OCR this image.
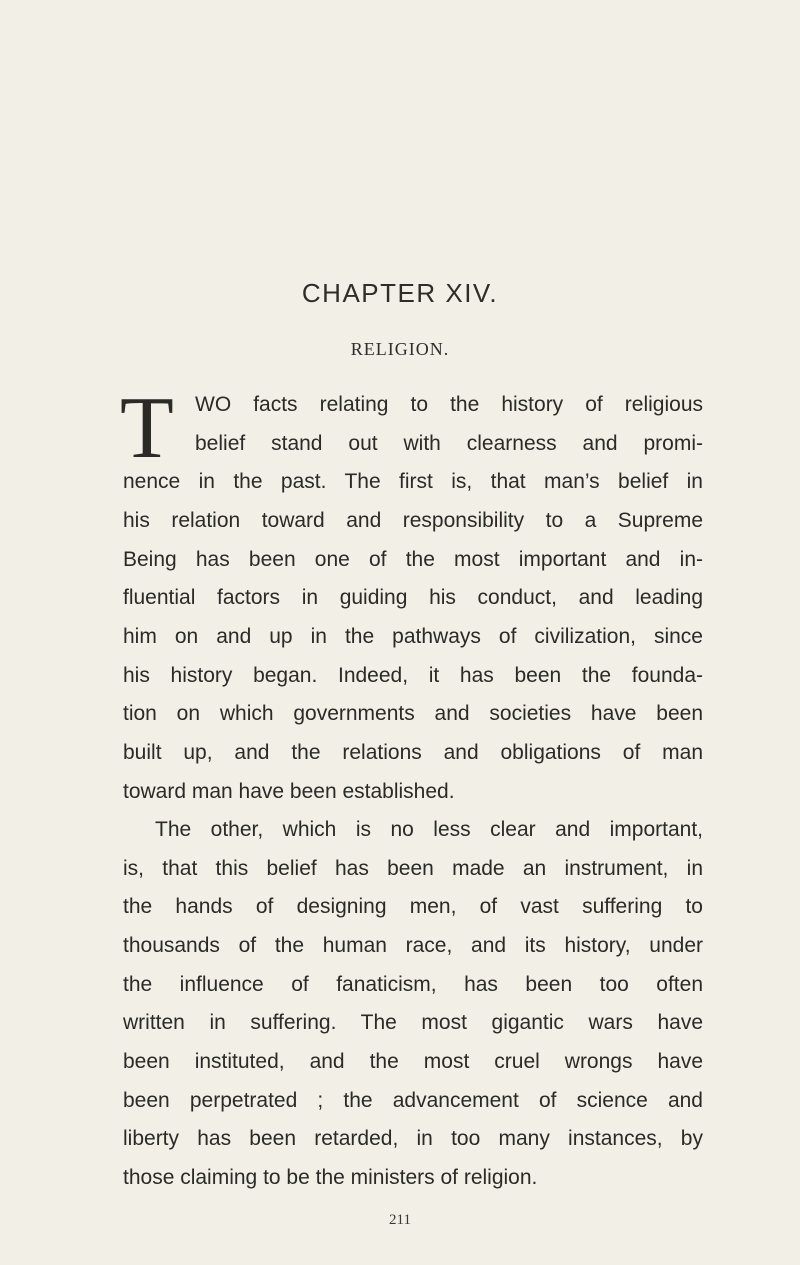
CHAPTER XIV.
RELIGION.
T WO facts relating to the history of religious
belief stand out with clearness and promi-
nence in the past. The first is, that man’s belief in
his relation toward and responsibility to a Supreme
Being has been one of the most important and in-
fluential factors in guiding his conduct, and leading
him on and up in the pathways of civilization, since
his history began. Indeed, it has been the founda-
tion on which governments and societies have been
built up, and the relations and obligations of man
toward man have been established.
The other, which is no less clear and important,
is, that this belief has been made an instrument, in
the hands of designing men, of vast suffering to
thousands of the human race, and its history, under
the influence of fanaticism, has been too often
written in suffering. The most gigantic wars have
been instituted, and the most cruel wrongs have
been perpetrated ; the advancement of science and
liberty has been retarded, in too many instances, by
those claiming to be the ministers of religion.
211
